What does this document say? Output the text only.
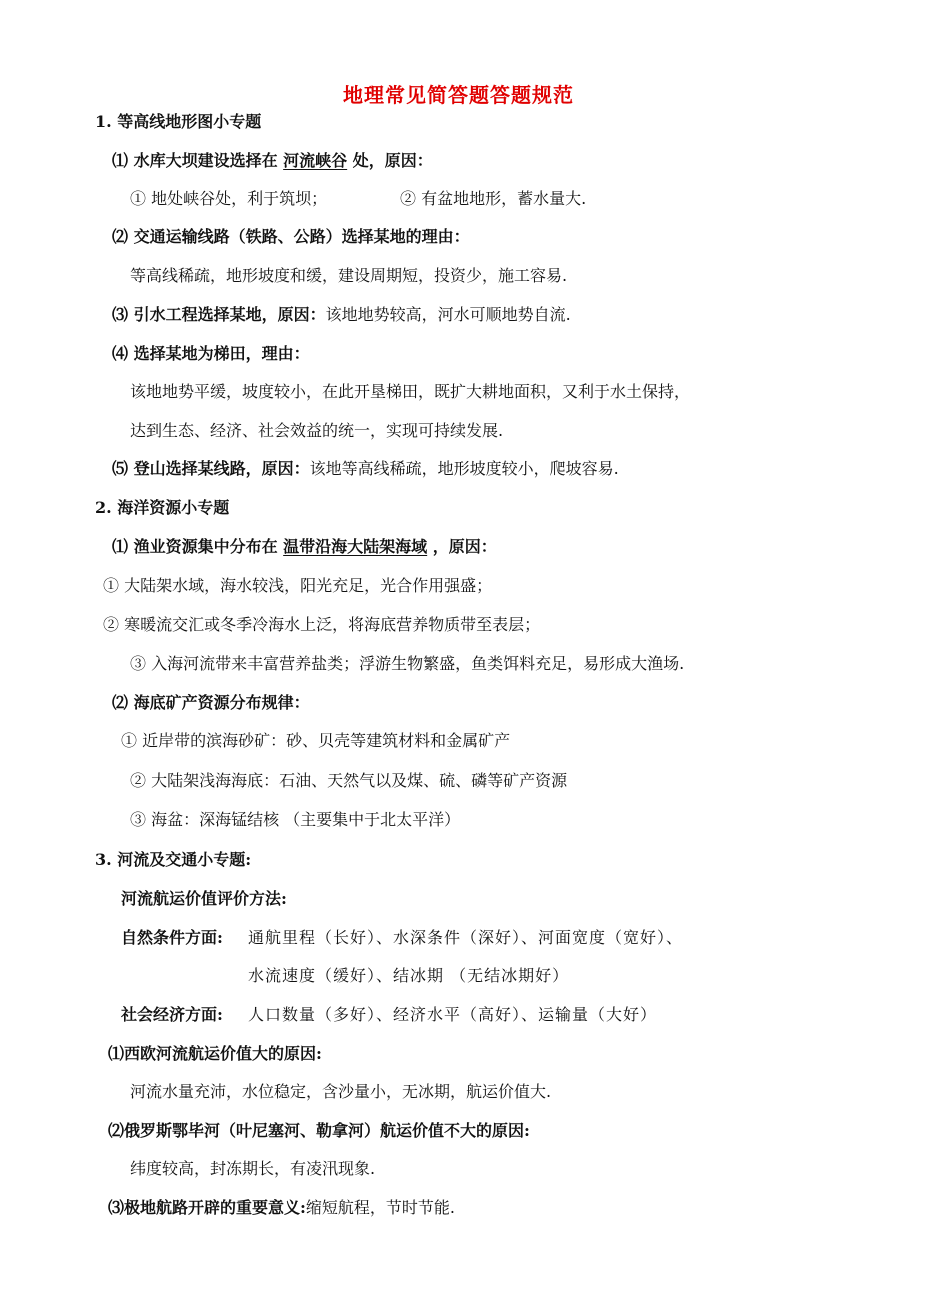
地理常见简答题答题规范
1. 等高线地形图小专题
⑴ 水库大坝建设选择在 河流峡谷 处，原因：
① 地处峡谷处，利于筑坝；	② 有盆地地形，蓄水量大.
⑵ 交通运输线路（铁路、公路）选择某地的理由：
等高线稀疏，地形坡度和缓，建设周期短，投资少，施工容易.
⑶ 引水工程选择某地，原因：该地地势较高，河水可顺地势自流.
⑷ 选择某地为梯田，理由：
该地地势平缓，坡度较小，在此开垦梯田，既扩大耕地面积，又利于水土保持，
达到生态、经济、社会效益的统一，实现可持续发展.
⑸ 登山选择某线路，原因：该地等高线稀疏，地形坡度较小，爬坡容易.
2. 海洋资源小专题
⑴ 渔业资源集中分布在 温带沿海大陆架海域 ，原因：
① 大陆架水域，海水较浅，阳光充足，光合作用强盛；
② 寒暖流交汇或冬季冷海水上泛，将海底营养物质带至表层；
③ 入海河流带来丰富营养盐类；浮游生物繁盛，鱼类饵料充足，易形成大渔场.
⑵ 海底矿产资源分布规律：
① 近岸带的滨海砂矿：砂、贝壳等建筑材料和金属矿产
② 大陆架浅海海底：石油、天然气以及煤、硫、磷等矿产资源
③ 海盆：深海锰结核 （主要集中于北太平洋）
3. 河流及交通小专题:
河流航运价值评价方法:
自然条件方面: 通航里程（长好）、水深条件（深好）、河面宽度（宽好）、
水流速度（缓好）、结冰期 （无结冰期好）
社会经济方面: 人口数量（多好）、经济水平（高好）、运输量（大好）
⑴西欧河流航运价值大的原因:
河流水量充沛，水位稳定，含沙量小，无冰期，航运价值大.
⑵俄罗斯鄂毕河（叶尼塞河、勒拿河）航运价值不大的原因:
纬度较高，封冻期长，有凌汛现象.
⑶极地航路开辟的重要意义:缩短航程，节时节能.
